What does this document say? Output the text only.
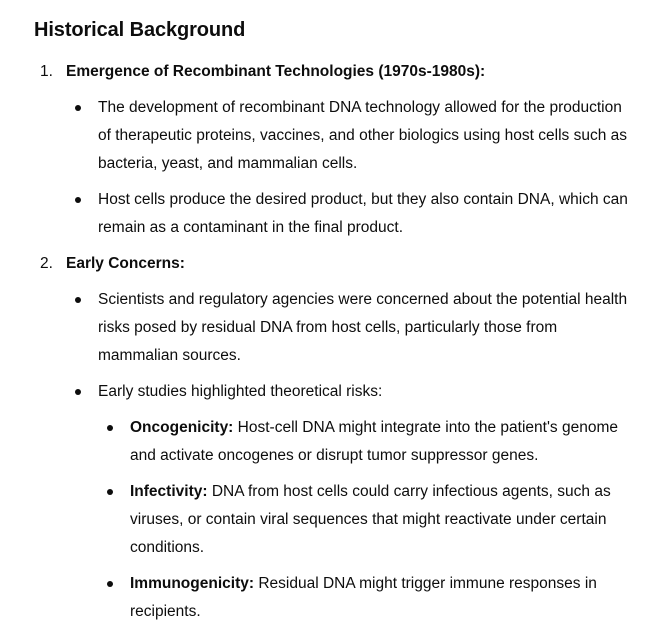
Historical Background
1. Emergence of Recombinant Technologies (1970s-1980s):
The development of recombinant DNA technology allowed for the production of therapeutic proteins, vaccines, and other biologics using host cells such as bacteria, yeast, and mammalian cells.
Host cells produce the desired product, but they also contain DNA, which can remain as a contaminant in the final product.
2. Early Concerns:
Scientists and regulatory agencies were concerned about the potential health risks posed by residual DNA from host cells, particularly those from mammalian sources.
Early studies highlighted theoretical risks:
Oncogenicity: Host-cell DNA might integrate into the patient's genome and activate oncogenes or disrupt tumor suppressor genes.
Infectivity: DNA from host cells could carry infectious agents, such as viruses, or contain viral sequences that might reactivate under certain conditions.
Immunogenicity: Residual DNA might trigger immune responses in recipients.
